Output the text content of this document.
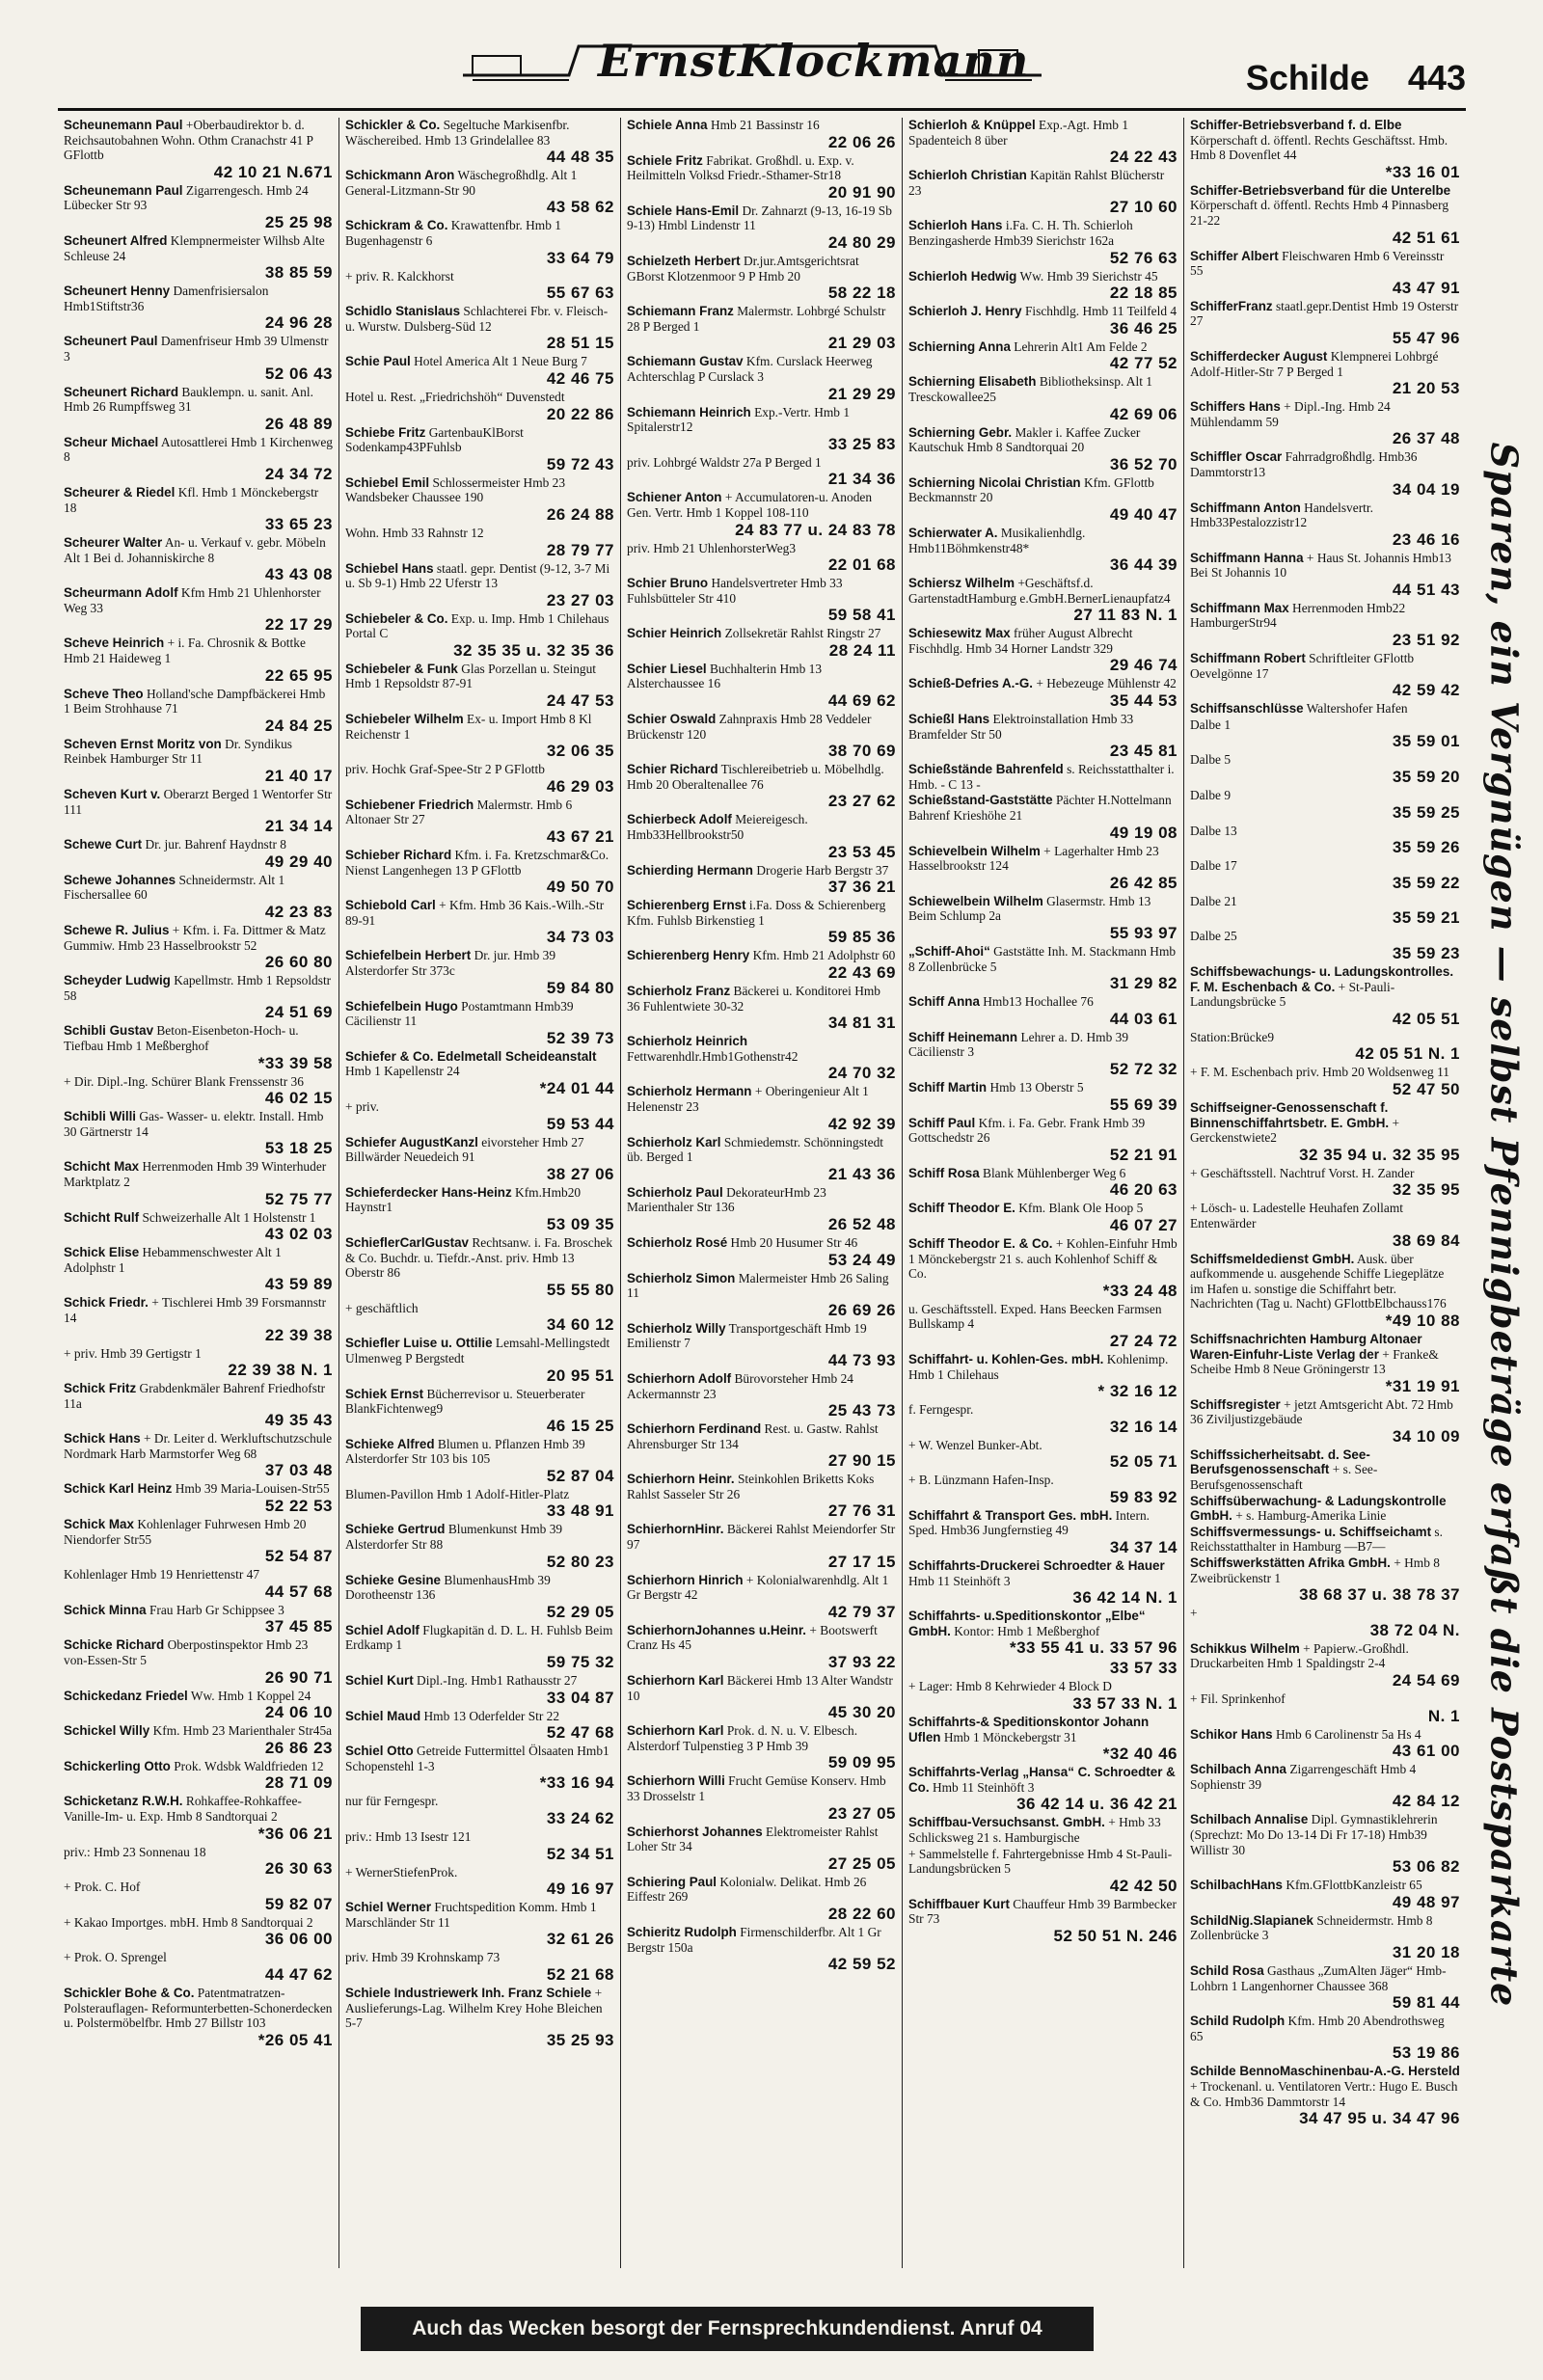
ErnstKlockmann	Schilde 443
Scheunemann Paul +Oberbaudirektor b. d. Reichsautobahnen Wohn. Othm Cranachstr 41 P GFlottb
42 10 21 N.671
Scheunemann Paul Zigarrengesch. Hmb 24 Lübecker Str 93
25 25 98
Scheunert Alfred Klempnermeister Wilhsb Alte Schleuse 24
38 85 59
Scheunert Henny Damenfrisiersalon Hmb1Stiftstr36
24 96 28
Scheunert Paul Damenfriseur Hmb 39 Ulmenstr 3
52 06 43
Scheunert Richard Bauklempn. u. sanit. Anl. Hmb 26 Rumpffsweg 31
26 48 89
Scheur Michael Autosattlerei Hmb 1 Kirchenweg 8
24 34 72
Scheurer & Riedel Kfl. Hmb 1 Mönckebergstr 18
33 65 23
Scheurer Walter An- u. Verkauf v. gebr. Möbeln Alt 1 Bei d. Johanniskirche 8
43 43 08
Scheurmann Adolf Kfm Hmb 21 Uhlenhorster Weg 33
22 17 29
Scheve Heinrich + i. Fa. Chrosnik & Bottke Hmb 21 Haideweg 1
22 65 95
Scheve Theo Holland'sche Dampfbäckerei Hmb 1 Beim Strohhause 71
24 84 25
Scheven Ernst Moritz von Dr. Syndikus Reinbek Hamburger Str 11
21 40 17
Scheven Kurt v. Oberarzt Berged 1 Wentorfer Str 111
21 34 14
Schewe Curt Dr. jur. Bahrenf Haydnstr 8
49 29 40
Schewe Johannes Schneidermstr. Alt 1 Fischersallee 60
42 23 83
Schewe R. Julius + Kfm. i. Fa. Dittmer & Matz Gummiw. Hmb 23 Hasselbrookstr 52
26 60 80
Scheyder Ludwig Kapellmstr. Hmb 1 Repsoldstr 58
24 51 69
Schibli Gustav Beton-Eisenbeton-Hoch- u. Tiefbau Hmb 1 Meßberghof
*33 39 58
+ Dir. Dipl.-Ing. Schürer Blank Frenssenstr 36
46 02 15
Schibli Willi Gas- Wasser- u. elektr. Install. Hmb 30 Gärtnerstr 14
53 18 25
Schicht Max Herrenmoden Hmb 39 Winterhuder Marktplatz 2
52 75 77
Schicht Rulf Schweizerhalle Alt 1 Holstenstr 1
43 02 03
Schick Elise Hebammenschwester Alt 1 Adolphstr 1
43 59 89
Schick Friedr. + Tischlerei Hmb 39 Forsmannstr 14
22 39 38
+ priv. Hmb 39 Gertigstr 1
22 39 38 N. 1
Schick Fritz Grabdenkmäler Bahrenf Friedhofstr 11a
49 35 43
Schick Hans + Dr. Leiter d. Werkluftschutzschule Nordmark Harb Marmstorfer Weg 68
37 03 48
Schick Karl Heinz Hmb 39 Maria-Louisen-Str55
52 22 53
Schick Max Kohlenlager Fuhrwesen Hmb 20 Niendorfer Str55
52 54 87
Kohlenlager Hmb 19 Henriettenstr 47
44 57 68
Schick Minna Frau Harb Gr Schippsee 3
37 45 85
Schicke Richard Oberpostinspektor Hmb 23 von-Essen-Str 5
26 90 71
Schickedanz Friedel Ww. Hmb 1 Koppel 24
24 06 10
Schickel Willy Kfm. Hmb 23 Marienthaler Str45a
26 86 23
Schickerling Otto Prok. Wdsbk Waldfrieden 12
28 71 09
Schicketanz R.W.H. Rohkaffee-Rohkaffee-Vanille-Im- u. Exp. Hmb 8 Sandtorquai 2
*36 06 21
priv.: Hmb 23 Sonnenau 18
26 30 63
+ Prok. C. Hof
59 82 07
+ Kakao Importges. mbH. Hmb 8 Sandtorquai 2
36 06 00
+ Prok. O. Sprengel
44 47 62
Schickler Bohe & Co. Patentmatratzen- Polsterauflagen- Reformunterbetten-Schonerdecken u. Polstermöbelfbr. Hmb 27 Billstr 103
*26 05 41
Schickler & Co. Segeltuche Markisenfbr. Wäschereibed. Hmb 13 Grindelallee 83
44 48 35
Schickmann Aron Wäschegroßhdlg. Alt 1 General-Litzmann-Str 90
43 58 62
Schickram & Co. Krawattenfbr. Hmb 1 Bugenhagenstr 6
33 64 79
+ priv. R. Kalckhorst
55 67 63
Schidlo Stanislaus Schlachterei Fbr. v. Fleisch- u. Wurstw. Dulsberg-Süd 12
28 51 15
Schie Paul Hotel America Alt 1 Neue Burg 7
42 46 75
Hotel u. Rest. „Friedrichshöh“ Duvenstedt
20 22 86
Schiebe Fritz GartenbauKlBorst Sodenkamp43PFuhlsb
59 72 43
Schiebel Emil Schlossermeister Hmb 23 Wandsbeker Chaussee 190
26 24 88
Wohn. Hmb 33 Rahnstr 12
28 79 77
Schiebel Hans staatl. gepr. Dentist (9-12, 3-7 Mi u. Sb 9-1) Hmb 22 Uferstr 13
23 27 03
Schiebeler & Co. Exp. u. Imp. Hmb 1 Chilehaus Portal C
32 35 35 u. 32 35 36
Schiebeler & Funk Glas Porzellan u. Steingut Hmb 1 Repsoldstr 87-91
24 47 53
Schiebeler Wilhelm Ex- u. Import Hmb 8 Kl Reichenstr 1
32 06 35
priv. Hochk Graf-Spee-Str 2 P GFlottb
46 29 03
Schiebener Friedrich Malermstr. Hmb 6 Altonaer Str 27
43 67 21
Schieber Richard Kfm. i. Fa. Kretzschmar&Co. Nienst Langenhegen 13 P GFlottb
49 50 70
Schiebold Carl + Kfm. Hmb 36 Kais.-Wilh.-Str 89-91
34 73 03
Schiefelbein Herbert Dr. jur. Hmb 39 Alsterdorfer Str 373c
59 84 80
Schiefelbein Hugo Postamtmann Hmb39 Cäcilienstr 11
52 39 73
Schiefer & Co. Edelmetall Scheideanstalt Hmb 1 Kapellenstr 24
*24 01 44
+ priv.
59 53 44
Schiefer AugustKanzl eivorsteher Hmb 27 Billwärder Neuedeich 91
38 27 06
Schieferdecker Hans-Heinz Kfm.Hmb20 Haynstr1
53 09 35
SchieflerCarlGustav Rechtsanw. i. Fa. Broschek & Co. Buchdr. u. Tiefdr.-Anst. priv. Hmb 13 Oberstr 86
55 55 80
+ geschäftlich
34 60 12
Schiefler Luise u. Ottilie Lemsahl-Mellingstedt Ulmenweg P Bergstedt
20 95 51
Schiek Ernst Bücherrevisor u. Steuerberater BlankFichtenweg9
46 15 25
Schieke Alfred Blumen u. Pflanzen Hmb 39 Alsterdorfer Str 103 bis 105
52 87 04
Blumen-Pavillon Hmb 1 Adolf-Hitler-Platz
33 48 91
Schieke Gertrud Blumenkunst Hmb 39 Alsterdorfer Str 88
52 80 23
Schieke Gesine BlumenhausHmb 39 Dorotheenstr 136
52 29 05
Schiel Adolf Flugkapitän d. D. L. H. Fuhlsb Beim Erdkamp 1
59 75 32
Schiel Kurt Dipl.-Ing. Hmb1 Rathausstr 27
33 04 87
Schiel Maud Hmb 13 Oderfelder Str 22
52 47 68
Schiel Otto Getreide Futtermittel Ölsaaten Hmb1 Schopenstehl 1-3
*33 16 94
nur für Ferngespr.
33 24 62
priv.: Hmb 13 Isestr 121
52 34 51
+ WernerStiefenProk.
49 16 97
Schiel Werner Fruchtspedition Komm. Hmb 1 Marschländer Str 11
32 61 26
priv. Hmb 39 Krohnskamp 73
52 21 68
Schiele Industriewerk Inh. Franz Schiele + Auslieferungs-Lag. Wilhelm Krey Hohe Bleichen 5-7
35 25 93
Schiele Anna Hmb 21 Bassinstr 16
22 06 26
Schiele Fritz Fabrikat. Großhdl. u. Exp. v. Heilmitteln Volksd Friedr.-Sthamer-Str18
20 91 90
Schiele Hans-Emil Dr. Zahnarzt (9-13, 16-19 Sb 9-13) Hmbl Lindenstr 11
24 80 29
Schielzeth Herbert Dr.jur.Amtsgerichtsrat GBorst Klotzenmoor 9 P Hmb 20
58 22 18
Schiemann Franz Malermstr. Lohbrgé Schulstr 28 P Berged 1
21 29 03
Schiemann Gustav Kfm. Curslack Heerweg Achterschlag P Curslack 3
21 29 29
Schiemann Heinrich Exp.-Vertr. Hmb 1 Spitalerstr12
33 25 83
priv. Lohbrgé Waldstr 27a P Berged 1
21 34 36
Schiener Anton + Accumulatoren-u. Anoden Gen. Vertr. Hmb 1 Koppel 108-110
24 83 77 u. 24 83 78
priv. Hmb 21 UhlenhorsterWeg3
22 01 68
Schier Bruno Handelsvertreter Hmb 33 Fuhlsbütteler Str 410
59 58 41
Schier Heinrich Zollsekretär Rahlst Ringstr 27
28 24 11
Schier Liesel Buchhalterin Hmb 13 Alsterchaussee 16
44 69 62
Schier Oswald Zahnpraxis Hmb 28 Veddeler Brückenstr 120
38 70 69
Schier Richard Tischlereibetrieb u. Möbelhdlg. Hmb 20 Oberaltenallee 76
23 27 62
Schierbeck Adolf Meiereigesch. Hmb33Hellbrookstr50
23 53 45
Schierding Hermann Drogerie Harb Bergstr 37
37 36 21
Schierenberg Ernst i.Fa. Doss & Schierenberg Kfm. Fuhlsb Birkenstieg 1
59 85 36
Schierenberg Henry Kfm. Hmb 21 Adolphstr 60
22 43 69
Schierholz Franz Bäckerei u. Konditorei Hmb 36 Fuhlentwiete 30-32
34 81 31
Schierholz Heinrich Fettwarenhdlr.Hmb1Gothenstr42
24 70 32
Schierholz Hermann + Oberingenieur Alt 1 Helenenstr 23
42 92 39
Schierholz Karl Schmiedemstr. Schönningstedt üb. Berged 1
21 43 36
Schierholz Paul DekorateurHmb 23 Marienthaler Str 136
26 52 48
Schierholz Rosé Hmb 20 Husumer Str 46
53 24 49
Schierholz Simon Malermeister Hmb 26 Saling 11
26 69 26
Schierholz Willy Transportgeschäft Hmb 19 Emilienstr 7
44 73 93
Schierhorn Adolf Bürovorsteher Hmb 24 Ackermannstr 23
25 43 73
Schierhorn Ferdinand Rest. u. Gastw. Rahlst Ahrensburger Str 134
27 90 15
Schierhorn Heinr. Steinkohlen Briketts Koks Rahlst Sasseler Str 26
27 76 31
SchierhornHinr. Bäckerei Rahlst Meiendorfer Str 97
27 17 15
Schierhorn Hinrich + Kolonialwarenhdlg. Alt 1 Gr Bergstr 42
42 79 37
SchierhornJohannes u.Heinr. + Bootswerft Cranz Hs 45
37 93 22
Schierhorn Karl Bäckerei Hmb 13 Alter Wandstr 10
45 30 20
Schierhorn Karl Prok. d. N. u. V. Elbesch. Alsterdorf Tulpenstieg 3 P Hmb 39
59 09 95
Schierhorn Willi Frucht Gemüse Konserv. Hmb 33 Drosselstr 1
23 27 05
Schierhorst Johannes Elektromeister Rahlst Loher Str 34
27 25 05
Schiering Paul Kolonialw. Delikat. Hmb 26 Eiffestr 269
28 22 60
Schieritz Rudolph Firmenschilderfbr. Alt 1 Gr Bergstr 150a
42 59 52
Schierloh & Knüppel Exp.-Agt. Hmb 1 Spadenteich 8 über
24 22 43
Schierloh Christian Kapitän Rahlst Blücherstr 23
27 10 60
Schierloh Hans i.Fa. C. H. Th. Schierloh Benzingasherde Hmb39 Sierichstr 162a
52 76 63
Schierloh Hedwig Ww. Hmb 39 Sierichstr 45
22 18 85
Schierloh J. Henry Fischhdlg. Hmb 11 Teilfeld 4
36 46 25
Schierning Anna Lehrerin Alt1 Am Felde 2
42 77 52
Schierning Elisabeth Bibliotheksinsp. Alt 1 Tresckowallee25
42 69 06
Schierning Gebr. Makler i. Kaffee Zucker Kautschuk Hmb 8 Sandtorquai 20
36 52 70
Schierning Nicolai Christian Kfm. GFlottb Beckmannstr 20
49 40 47
Schierwater A. Musikalienhdlg. Hmb11Böhmkenstr48*
36 44 39
Schiersz Wilhelm +Geschäftsf.d. GartenstadtHamburg e.GmbH.BernerLienaupfatz4
27 11 83 N. 1
Schiesewitz Max früher August Albrecht Fischhdlg. Hmb 34 Horner Landstr 329
29 46 74
Schieß-Defries A.-G. + Hebezeuge Mühlenstr 42
35 44 53
Schießl Hans Elektroinstallation Hmb 33 Bramfelder Str 50
23 45 81
Schießstände Bahrenfeld s. Reichsstatthalter i. Hmb. - C 13 -
Schießstand-Gaststätte Pächter H.Nottelmann Bahrenf Krieshöhe 21
49 19 08
Schievelbein Wilhelm + Lagerhalter Hmb 23 Hasselbrookstr 124
26 42 85
Schiewelbein Wilhelm Glasermstr. Hmb 13 Beim Schlump 2a
55 93 97
„Schiff-Ahoi“ Gaststätte Inh. M. Stackmann Hmb 8 Zollenbrücke 5
31 29 82
Schiff Anna Hmb13 Hochallee 76
44 03 61
Schiff Heinemann Lehrer a. D. Hmb 39 Cäcilienstr 3
52 72 32
Schiff Martin Hmb 13 Oberstr 5
55 69 39
Schiff Paul Kfm. i. Fa. Gebr. Frank Hmb 39 Gottschedstr 26
52 21 91
Schiff Rosa Blank Mühlenberger Weg 6
46 20 63
Schiff Theodor E. Kfm. Blank Ole Hoop 5
46 07 27
Schiff Theodor E. & Co. + Kohlen-Einfuhr Hmb 1 Mönckebergstr 21 s. auch Kohlenhof Schiff & Co.
*33 24 48
u. Geschäftsstell. Exped. Hans Beecken Farmsen Bullskamp 4
27 24 72
Schiffahrt- u. Kohlen-Ges. mbH. Kohlenimp. Hmb 1 Chilehaus
* 32 16 12
f. Ferngespr.
32 16 14
+ W. Wenzel Bunker-Abt.
52 05 71
+ B. Lünzmann Hafen-Insp.
59 83 92
Schiffahrt & Transport Ges. mbH. Intern. Sped. Hmb36 Jungfernstieg 49
34 37 14
Schiffahrts-Druckerei Schroedter & Hauer Hmb 11 Steinhöft 3
36 42 14 N. 1
Schiffahrts- u.Speditionskontor „Elbe“ GmbH. Kontor: Hmb 1 Meßberghof
*33 55 41 u. 33 57 96
33 57 33
+ Lager: Hmb 8 Kehrwieder 4 Block D
33 57 33 N. 1
Schiffahrts-& Speditionskontor Johann Uflen Hmb 1 Mönckebergstr 31
*32 40 46
Schiffahrts-Verlag „Hansa“ C. Schroedter & Co. Hmb 11 Steinhöft 3
36 42 14 u. 36 42 21
Schiffbau-Versuchsanst. GmbH. + Hmb 33 Schlicksweg 21 s. Hamburgische
+ Sammelstelle f. Fahrtergebnisse Hmb 4 St-Pauli-Landungsbrücken 5
42 42 50
Schiffbauer Kurt Chauffeur Hmb 39 Barmbecker Str 73
52 50 51 N. 246
Schiffer-Betriebsverband f. d. Elbe Körperschaft d. öffentl. Rechts Geschäftsst. Hmb. Hmb 8 Dovenflet 44
*33 16 01
Schiffer-Betriebsverband für die Unterelbe Körperschaft d. öffentl. Rechts Hmb 4 Pinnasberg 21-22
42 51 61
Schiffer Albert Fleischwaren Hmb 6 Vereinsstr 55
43 47 91
SchifferFranz staatl.gepr.Dentist Hmb 19 Osterstr 27
55 47 96
Schifferdecker August Klempnerei Lohbrgé Adolf-Hitler-Str 7 P Berged 1
21 20 53
Schiffers Hans + Dipl.-Ing. Hmb 24 Mühlendamm 59
26 37 48
Schiffler Oscar Fahrradgroßhdlg. Hmb36 Dammtorstr13
34 04 19
Schiffmann Anton Handelsvertr. Hmb33Pestalozzistr12
23 46 16
Schiffmann Hanna + Haus St. Johannis Hmb13 Bei St Johannis 10
44 51 43
Schiffmann Max Herrenmoden Hmb22 HamburgerStr94
23 51 92
Schiffmann Robert Schriftleiter GFlottb Oevelgönne 17
42 59 42
Schiffsanschlüsse Waltershofer Hafen
Dalbe 1
35 59 01
Dalbe 5
35 59 20
Dalbe 9
35 59 25
Dalbe 13
35 59 26
Dalbe 17
35 59 22
Dalbe 21
35 59 21
Dalbe 25
35 59 23
Schiffsbewachungs- u. Ladungskontrolles. F. M. Eschenbach & Co. + St-Pauli-Landungsbrücke 5
42 05 51
Station:Brücke9
42 05 51 N. 1
+ F. M. Eschenbach priv. Hmb 20 Woldsenweg 11
52 47 50
Schiffseigner-Genossenschaft f. Binnenschiffahrtsbetr. E. GmbH. + Gerckenstwiete2
32 35 94 u. 32 35 95
+ Geschäftsstell. Nachtruf Vorst. H. Zander
32 35 95
+ Lösch- u. Ladestelle Heuhafen Zollamt Entenwärder
38 69 84
Schiffsmeldedienst GmbH. Ausk. über aufkommende u. ausgehende Schiffe Liegeplätze im Hafen u. sonstige die Schiffahrt betr. Nachrichten (Tag u. Nacht) GFlottbElbchauss176
*49 10 88
Schiffsnachrichten Hamburg Altonaer Waren-Einfuhr-Liste Verlag der + Franke& Scheibe Hmb 8 Neue Gröningerstr 13
*31 19 91
Schiffsregister + jetzt Amtsgericht Abt. 72 Hmb 36 Ziviljustizgebäude
34 10 09
Schiffssicherheitsabt. d. See-Berufsgenossenschaft + s. See-Berufsgenossenschaft
Schiffsüberwachung- & Ladungskontrolle GmbH. + s. Hamburg-Amerika Linie
Schiffsvermessungs- u. Schiffseichamt s. Reichsstatthalter in Hamburg —B7—
Schiffswerkstätten Afrika GmbH. + Hmb 8 Zweibrückenstr 1
38 68 37 u. 38 78 37
+
38 72 04 N.
Schikkus Wilhelm + Papierw.-Großhdl. Druckarbeiten Hmb 1 Spaldingstr 2-4
24 54 69
+ Fil. Sprinkenhof
N. 1
Schikor Hans Hmb 6 Carolinenstr 5a Hs 4
43 61 00
Schilbach Anna Zigarrengeschäft Hmb 4 Sophienstr 39
42 84 12
Schilbach Annalise Dipl. Gymnastiklehrerin (Sprechzt: Mo Do 13-14 Di Fr 17-18) Hmb39 Willistr 30
53 06 82
SchilbachHans Kfm.GFlottbKanzleistr 65
49 48 97
SchildNig.Slapianek Schneidermstr. Hmb 8 Zollenbrücke 3
31 20 18
Schild Rosa Gasthaus „ZumAlten Jäger“ Hmb-Lohbrn 1 Langenhorner Chaussee 368
59 81 44
Schild Rudolph Kfm. Hmb 20 Abendrothsweg 65
53 19 86
Schilde BennoMaschinenbau-A.-G. Hersteld + Trockenanl. u. Ventilatoren Vertr.: Hugo E. Busch & Co. Hmb36 Dammtorstr 14
34 47 95 u. 34 47 96
Sparen, ein Vergnügen — selbst Pfennigbeträge erfaßt die Postsparkarte
Auch das Wecken besorgt der Fernsprechkundendienst. Anruf 04
